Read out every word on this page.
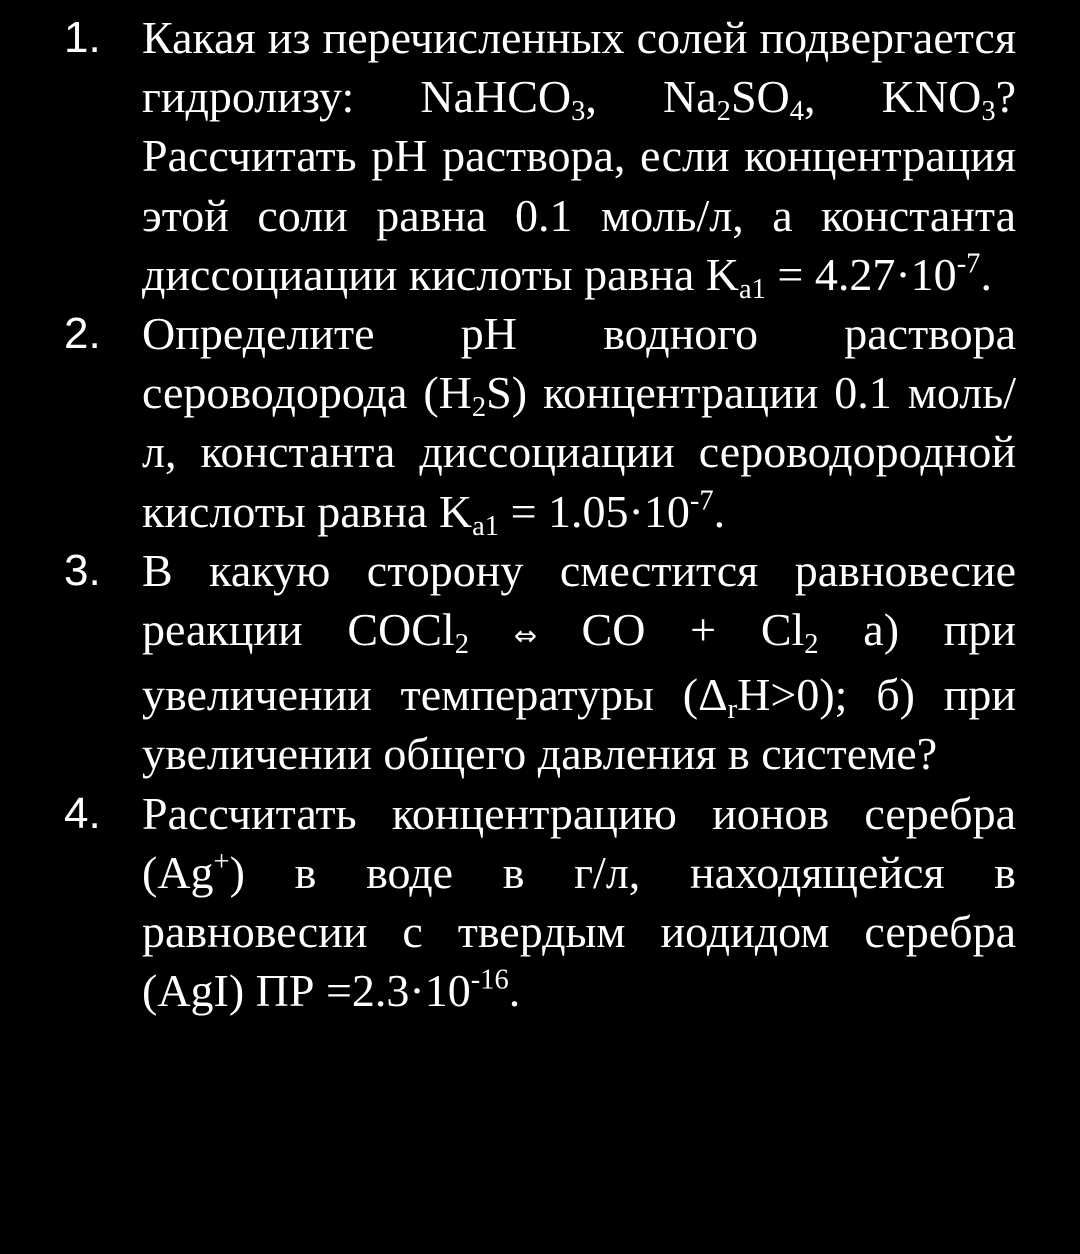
1. Какая из перечисленных солей подвергается гидролизу: NaHCO$_3$, $Na_2SO_4$, $KNO_3$? Рассчитать pH раствора, если концентрация этой соли равна 0.1 моль/л, а константа диссоциации кислоты равна $K_{a1} = 4.27\cdot 10^{-7}$.
2. Определите pH водного раствора сероводорода $(H_2S)$ концентрации 0.1 моль/л, константа диссоциации сероводородной кислоты равна $K_{a1} = 1.05\cdot 10^{-7}$.
3. В какую сторону сместится равновесие реакции COCl$_2$ ⇔ CO + $Cl_2$ а) при увеличении температуры $(\Delta_rH>0)$; б) при увеличении общего давления в системе?
4. Рассчитать концентрацию ионов серебра (Ag+) в воде в г/л, находящейся в равновесии с твердым иодидом серебра (AgI) ПР $=2.3\cdot 10^{-16}$.
